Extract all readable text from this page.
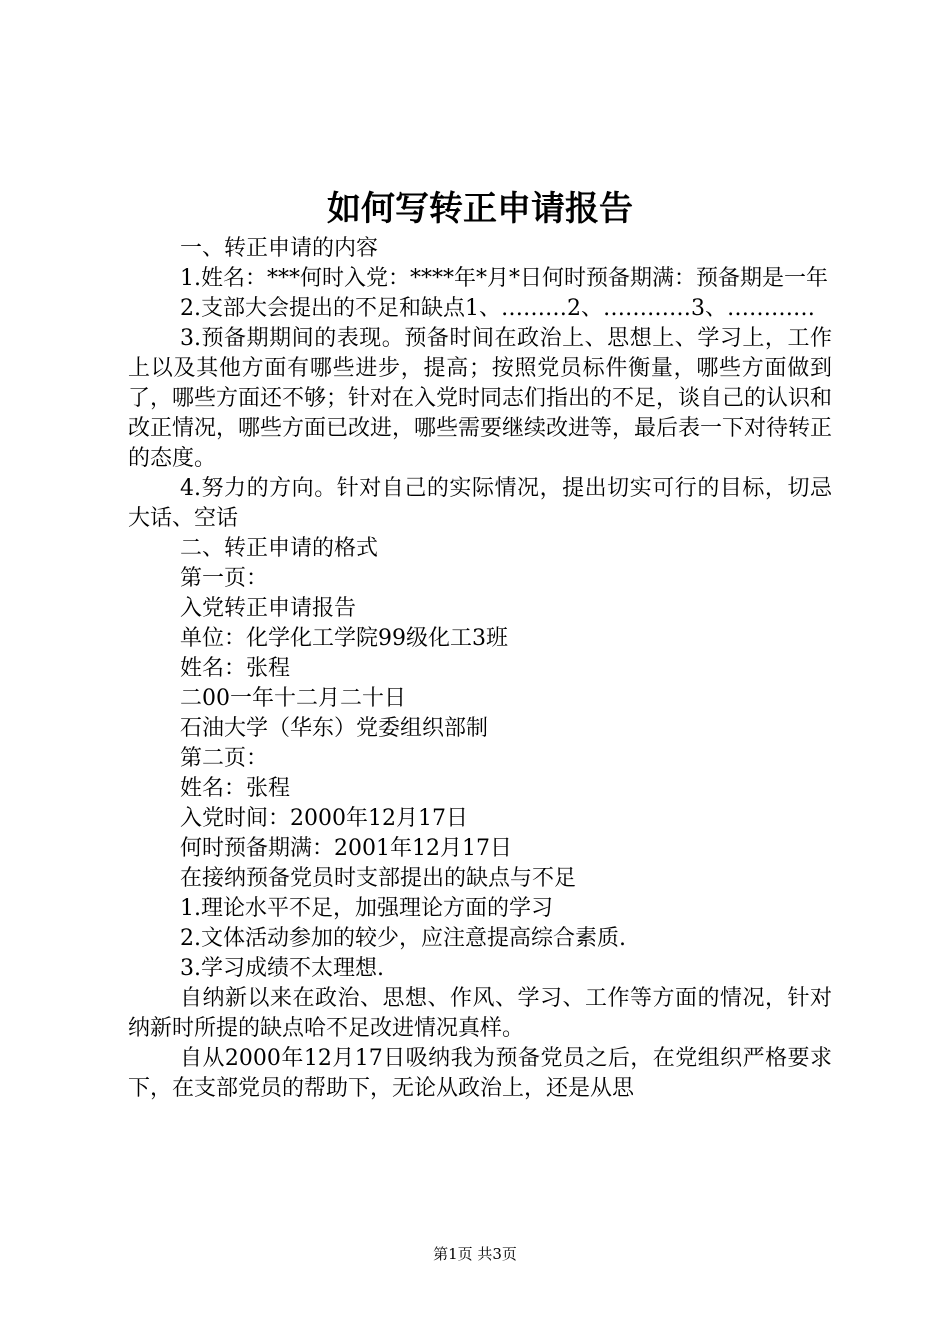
如何写转正申请报告

一、转正申请的内容

1.姓名：***何时入党：****年*月*日何时预备期满：预备期是一年

2.支部大会提出的不足和缺点1、………2、…………3、…………

3.预备期期间的表现。预备时间在政治上、思想上、学习上，工作上以及其他方面有哪些进步，提高；按照党员标件衡量，哪些方面做到了，哪些方面还不够；针对在入党时同志们指出的不足，谈自己的认识和改正情况，哪些方面已改进，哪些需要继续改进等，最后表一下对待转正的态度。

4.努力的方向。针对自己的实际情况，提出切实可行的目标，切忌大话、空话

二、转正申请的格式

第一页：

入党转正申请报告

单位：化学化工学院99级化工3班

姓名：张程

二00一年十二月二十日

石油大学（华东）党委组织部制

第二页：

姓名：张程

入党时间：2000年12月17日

何时预备期满：2001年12月17日

在接纳预备党员时支部提出的缺点与不足

1.理论水平不足，加强理论方面的学习

2.文体活动参加的较少，应注意提高综合素质.

3.学习成绩不太理想.

自纳新以来在政治、思想、作风、学习、工作等方面的情况，针对纳新时所提的缺点哈不足改进情况真样。

自从2000年12月17日吸纳我为预备党员之后，在党组织严格要求下，在支部党员的帮助下，无论从政治上，还是从思

第1页 共3页
